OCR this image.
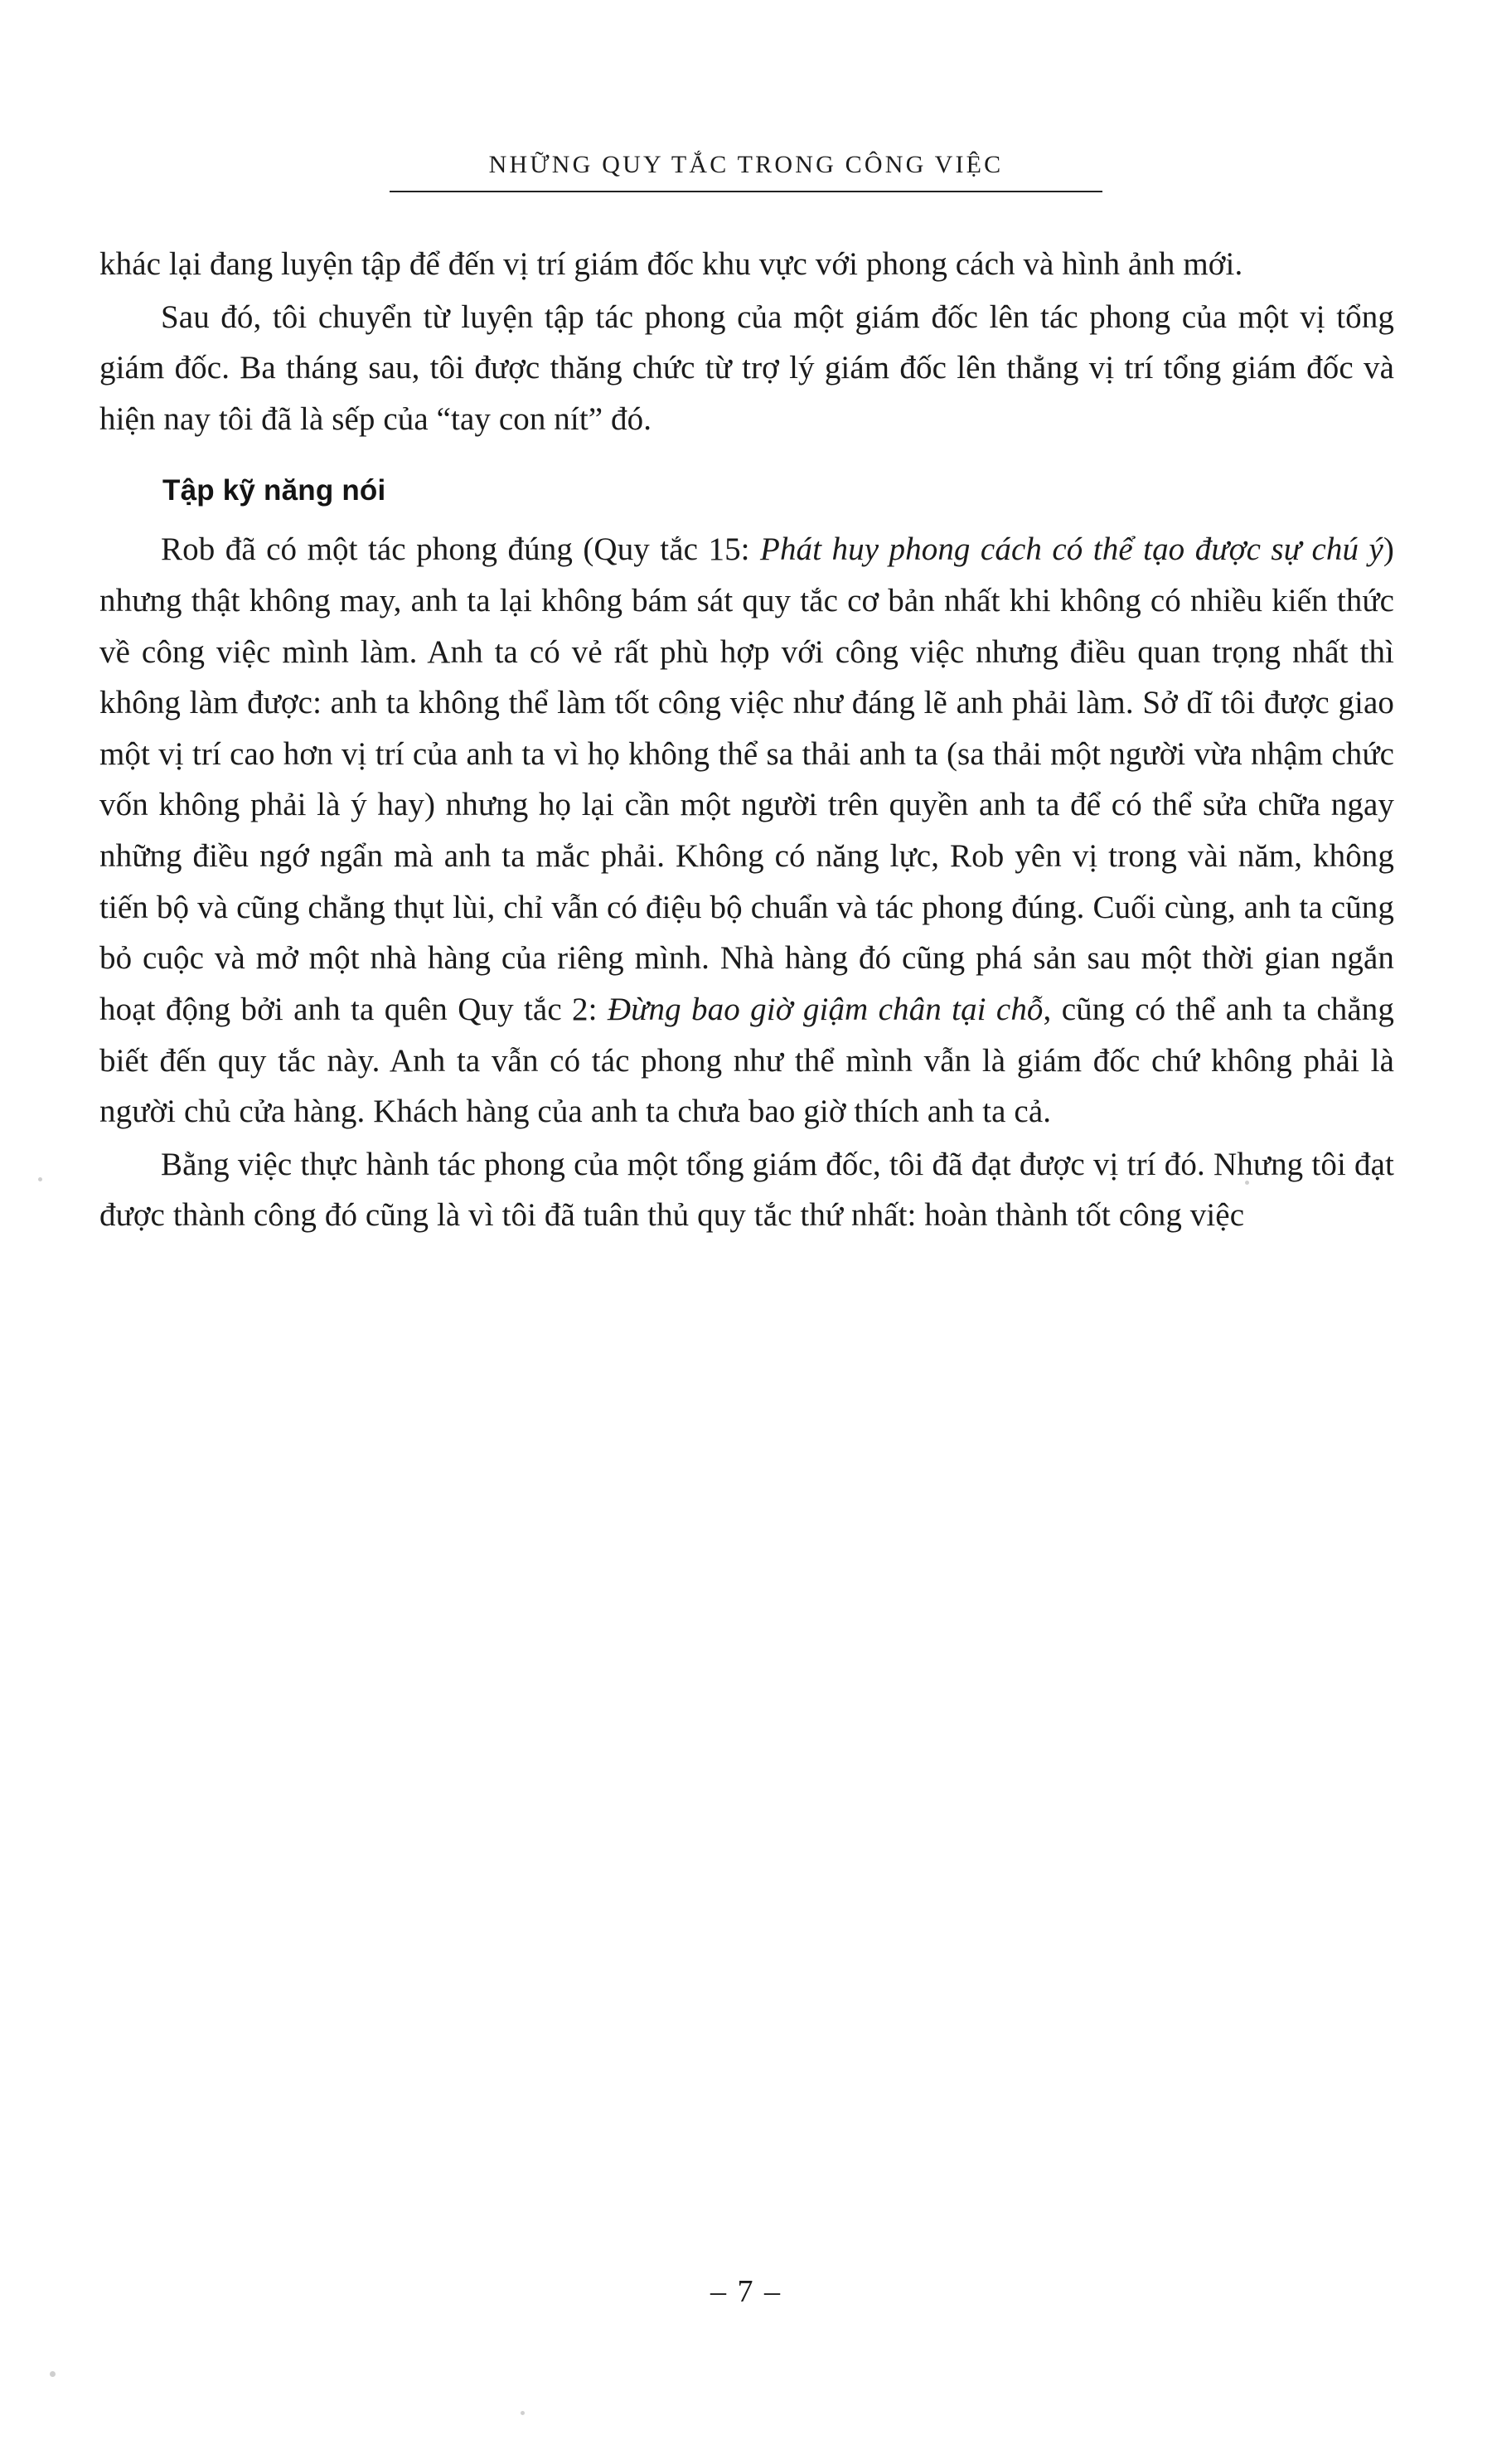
NHỮNG QUY TẮC TRONG CÔNG VIỆC

khác lại đang luyện tập để đến vị trí giám đốc khu vực với phong cách và hình ảnh mới.

Sau đó, tôi chuyển từ luyện tập tác phong của một giám đốc lên tác phong của một vị tổng giám đốc. Ba tháng sau, tôi được thăng chức từ trợ lý giám đốc lên thẳng vị trí tổng giám đốc và hiện nay tôi đã là sếp của “tay con nít” đó.

Tập kỹ năng nói

Rob đã có một tác phong đúng (Quy tắc 15: Phát huy phong cách có thể tạo được sự chú ý) nhưng thật không may, anh ta lại không bám sát quy tắc cơ bản nhất khi không có nhiều kiến thức về công việc mình làm. Anh ta có vẻ rất phù hợp với công việc nhưng điều quan trọng nhất thì không làm được: anh ta không thể làm tốt công việc như đáng lẽ anh phải làm. Sở dĩ tôi được giao một vị trí cao hơn vị trí của anh ta vì họ không thể sa thải anh ta (sa thải một người vừa nhậm chức vốn không phải là ý hay) nhưng họ lại cần một người trên quyền anh ta để có thể sửa chữa ngay những điều ngớ ngẩn mà anh ta mắc phải. Không có năng lực, Rob yên vị trong vài năm, không tiến bộ và cũng chẳng thụt lùi, chỉ vẫn có điệu bộ chuẩn và tác phong đúng. Cuối cùng, anh ta cũng bỏ cuộc và mở một nhà hàng của riêng mình. Nhà hàng đó cũng phá sản sau một thời gian ngắn hoạt động bởi anh ta quên Quy tắc 2: Đừng bao giờ giậm chân tại chỗ, cũng có thể anh ta chẳng biết đến quy tắc này. Anh ta vẫn có tác phong như thể mình vẫn là giám đốc chứ không phải là người chủ cửa hàng. Khách hàng của anh ta chưa bao giờ thích anh ta cả.

Bằng việc thực hành tác phong của một tổng giám đốc, tôi đã đạt được vị trí đó. Nhưng tôi đạt được thành công đó cũng là vì tôi đã tuân thủ quy tắc thứ nhất: hoàn thành tốt công việc

– 7 –
